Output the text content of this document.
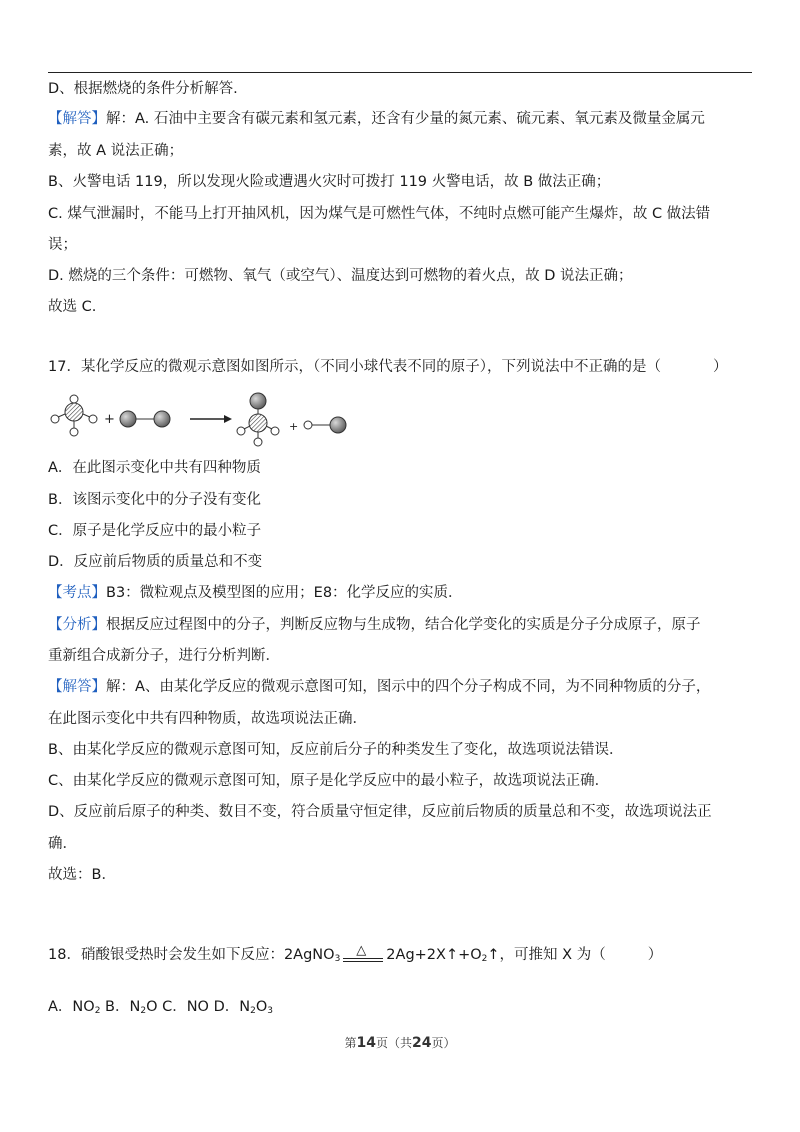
D、根据燃烧的条件分析解答.
【解答】解：A. 石油中主要含有碳元素和氢元素，还含有少量的氮元素、硫元素、氧元素及微量金属元
素，故 A 说法正确；
B、火警电话 119，所以发现火险或遭遇火灾时可拨打 119 火警电话，故 B 做法正确；
C. 煤气泄漏时，不能马上打开抽风机，因为煤气是可燃性气体，不纯时点燃可能产生爆炸，故 C 做法错
误；
D. 燃烧的三个条件：可燃物、氧气（或空气）、温度达到可燃物的着火点，故 D 说法正确；
故选 C.
17．某化学反应的微观示意图如图所示，（不同小球代表不同的原子），下列说法中不正确的是（	）
+	+
A．在此图示变化中共有四种物质
B．该图示变化中的分子没有变化
C．原子是化学反应中的最小粒子
D．反应前后物质的质量总和不变
【考点】B3：微粒观点及模型图的应用；E8：化学反应的实质．
【分析】根据反应过程图中的分子，判断反应物与生成物，结合化学变化的实质是分子分成原子，原子
重新组合成新分子，进行分析判断．
【解答】解：A、由某化学反应的微观示意图可知，图示中的四个分子构成不同，为不同种物质的分子，
在此图示变化中共有四种物质，故选项说法正确．
B、由某化学反应的微观示意图可知，反应前后分子的种类发生了变化，故选项说法错误．
C、由某化学反应的微观示意图可知，原子是化学反应中的最小粒子，故选项说法正确．
D、反应前后原子的种类、数目不变，符合质量守恒定律，反应前后物质的质量总和不变，故选项说法正
确．
故选：B．
18．硝酸银受热时会发生如下反应：2AgNO$_3$
△ $2Ag+2X↑+O_2↑$，可推知 X 为（	）
A．$NO_2$ B．$N_2O$ C．NO D．$N_2O_3$
第14页（共24页）
